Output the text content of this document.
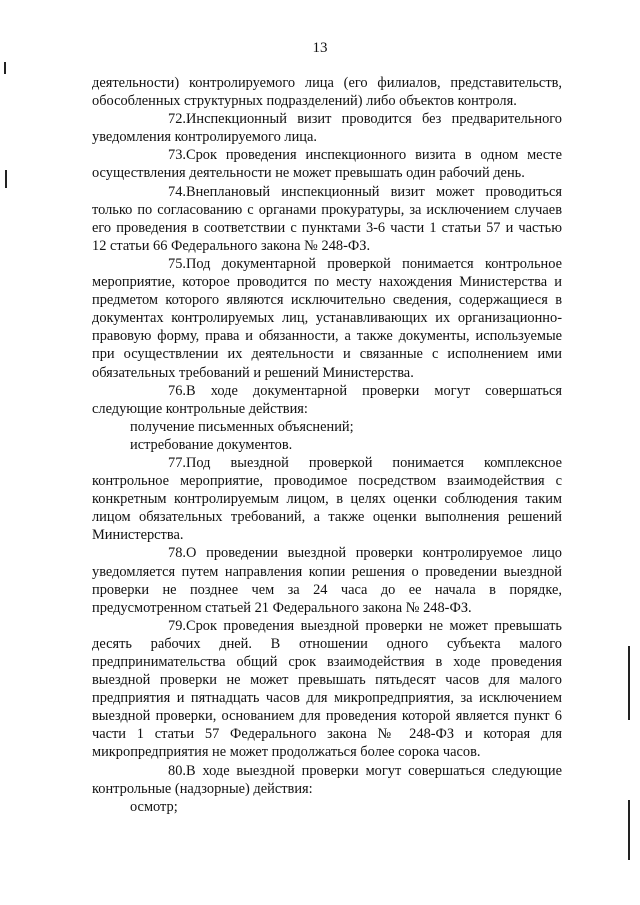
13

деятельности) контролируемого лица (его филиалов, представительств, обособленных структурных подразделений) либо объектов контроля.

72.Инспекционный визит проводится без предварительного уведомления контролируемого лица.

73.Срок проведения инспекционного визита в одном месте осуществления деятельности не может превышать один рабочий день.

74.Внеплановый инспекционный визит может проводиться только по согласованию с органами прокуратуры, за исключением случаев его проведения в соответствии с пунктами 3-6 части 1 статьи 57 и частью 12 статьи 66 Федерального закона № 248-ФЗ.

75.Под документарной проверкой понимается контрольное мероприятие, которое проводится по месту нахождения Министерства и предметом которого являются исключительно сведения, содержащиеся в документах контролируемых лиц, устанавливающих их организационно-правовую форму, права и обязанности, а также документы, используемые при осуществлении их деятельности и связанные с исполнением ими обязательных требований и решений Министерства.

76.В ходе документарной проверки могут совершаться следующие контрольные действия:

получение письменных объяснений;

истребование документов.

77.Под выездной проверкой понимается комплексное контрольное мероприятие, проводимое посредством взаимодействия с конкретным контролируемым лицом, в целях оценки соблюдения таким лицом обязательных требований, а также оценки выполнения решений Министерства.

78.О проведении выездной проверки контролируемое лицо уведомляется путем направления копии решения о проведении выездной проверки не позднее чем за 24 часа до ее начала в порядке, предусмотренном статьей 21 Федерального закона № 248-ФЗ.

79.Срок проведения выездной проверки не может превышать десять рабочих дней. В отношении одного субъекта малого предпринимательства общий срок взаимодействия в ходе проведения выездной проверки не может превышать пятьдесят часов для малого предприятия и пятнадцать часов для микропредприятия, за исключением выездной проверки, основанием для проведения которой является пункт 6 части 1 статьи 57 Федерального закона № 248-ФЗ и которая для микропредприятия не может продолжаться более сорока часов.

80.В ходе выездной проверки могут совершаться следующие контрольные (надзорные) действия:

осмотр;
